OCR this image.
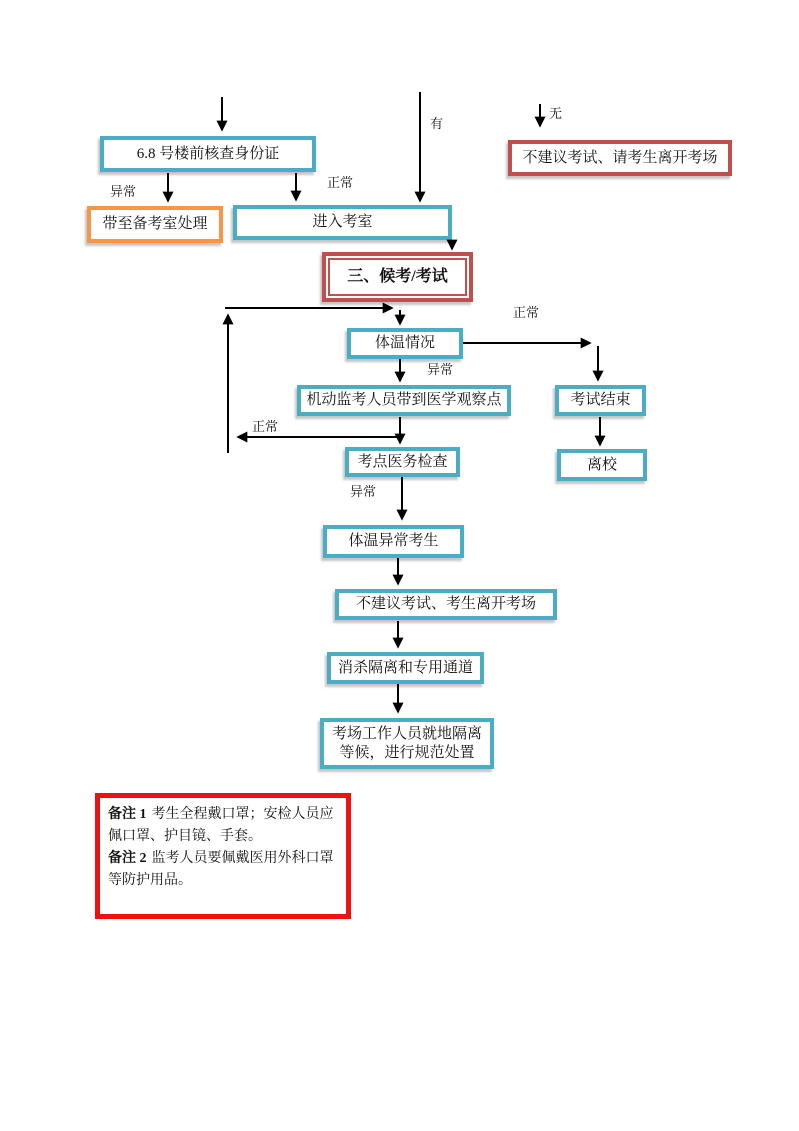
6.8 号楼前核查身份证
带至备考室处理	进入考室
不建议考试、请考生离开考场
三、候考/考试
体温情况
机动监考人员带到医学观察点	考试结束
考点医务检查	离校
体温异常考生
不建议考试、考生离开考场
消杀隔离和专用通道
考场工作人员就地隔离
等候，进行规范处置
有
无
异常
正常
正常
异常
正常
异常

备注 1 考生全程戴口罩；安检人员应佩口罩、护目镜、手套。

备注 2 监考人员要佩戴医用外科口罩等防护用品。
